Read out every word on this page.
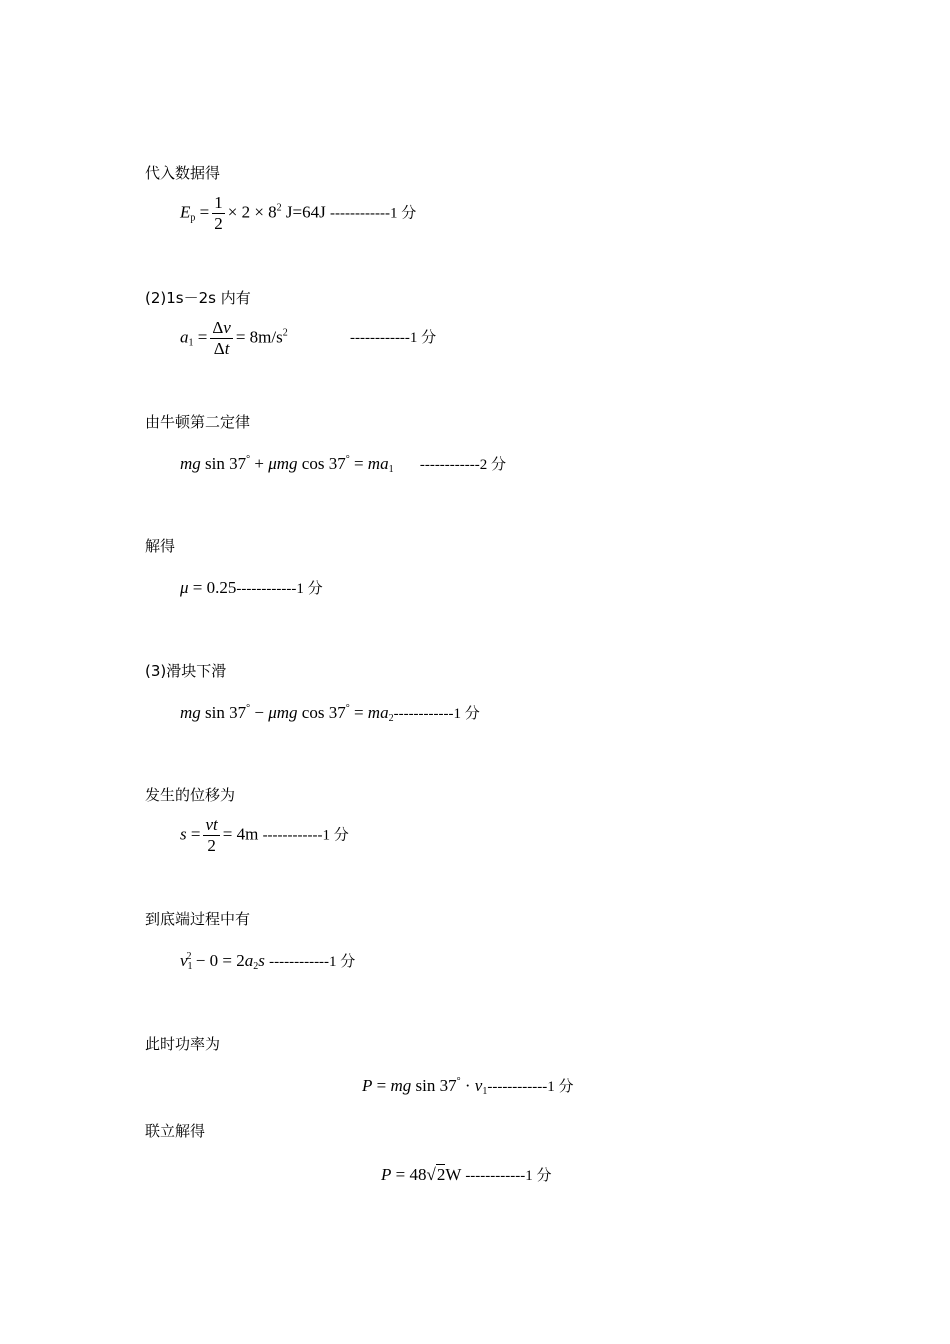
代入数据得
$E_p = \frac{1}{2} \times 2 \times 8^2$ J=64J ------------1 分
(2)1s－2s 内有
$a_1 = \frac{\Delta v}{\Delta t} = 8m/s^2$	------------1 分
由牛顿第二定律
mg sin 37° + μmg $\cos 37^\circ = ma_1$ ------------2 分
解得
μ = 0.25------------1 分
(3)滑块下滑
mg sin 37° − μmg $\cos 37^\circ = ma_2------------1$ 分
发生的位移为
$s = \frac{vt}{2} = 4m$ ------------1 分
到底端过程中有
$v_1^2 - 0 = 2a_2s$ ------------1 分
此时功率为
P = mg $\sin 37^\circ \cdot v_1------------1$ 分
联立解得
P = 48√2W ------------1 分
